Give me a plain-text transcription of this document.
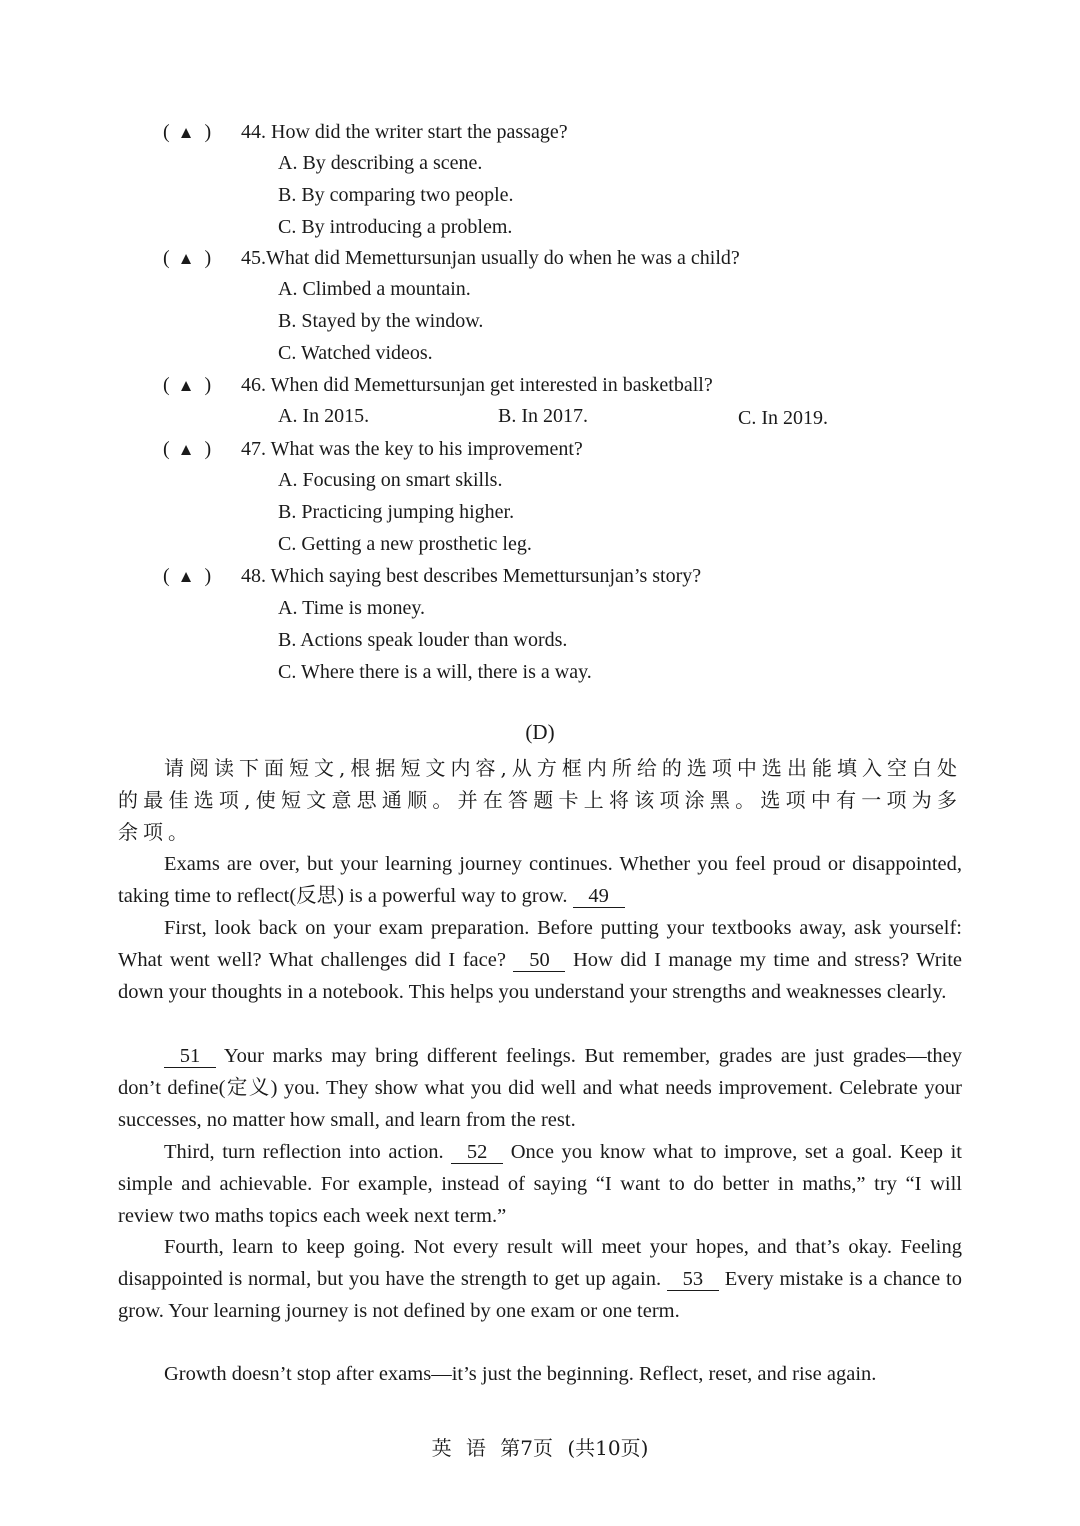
( ▲ ) 44. How did the writer start the passage?
A. By describing a scene.
B. By comparing two people.
C. By introducing a problem.
( ▲ ) 45.What did Memettursunjan usually do when he was a child?
A. Climbed a mountain.
B. Stayed by the window.
C. Watched videos.
( ▲ ) 46. When did Memettursunjan get interested in basketball?
A. In 2015.	B. In 2017.	C. In 2019.
( ▲ ) 47. What was the key to his improvement?
A. Focusing on smart skills.
B. Practicing jumping higher.
C. Getting a new prosthetic leg.
( ▲ ) 48. Which saying best describes Memettursunjan’s story?
A. Time is money.
B. Actions speak louder than words.
C. Where there is a will, there is a way.
(D)
请阅读下面短文,根据短文内容,从方框内所给的选项中选出能填入空白处的最佳选项,使短文意思通顺。并在答题卡上将该项涂黑。选项中有一项为多余项。
Exams are over, but your learning journey continues. Whether you feel proud or disappointed, taking time to reflect(反思) is a powerful way to grow. 49
First, look back on your exam preparation. Before putting your textbooks away, ask yourself: What went well? What challenges did I face? 50 How did I manage my time and stress? Write down your thoughts in a notebook. This helps you understand your strengths and weaknesses clearly.
51 Your marks may bring different feelings. But remember, grades are just grades—they don’t define(定义) you. They show what you did well and what needs improvement. Celebrate your successes, no matter how small, and learn from the rest.
Third, turn reflection into action. 52 Once you know what to improve, set a goal. Keep it simple and achievable. For example, instead of saying “I want to do better in maths,” try “I will review two maths topics each week next term.”
Fourth, learn to keep going. Not every result will meet your hopes, and that’s okay. Feeling disappointed is normal, but you have the strength to get up again. 53 Every mistake is a chance to grow. Your learning journey is not defined by one exam or one term.
Growth doesn’t stop after exams—it’s just the beginning. Reflect, reset, and rise again.
英 语 第7页 (共10页)
